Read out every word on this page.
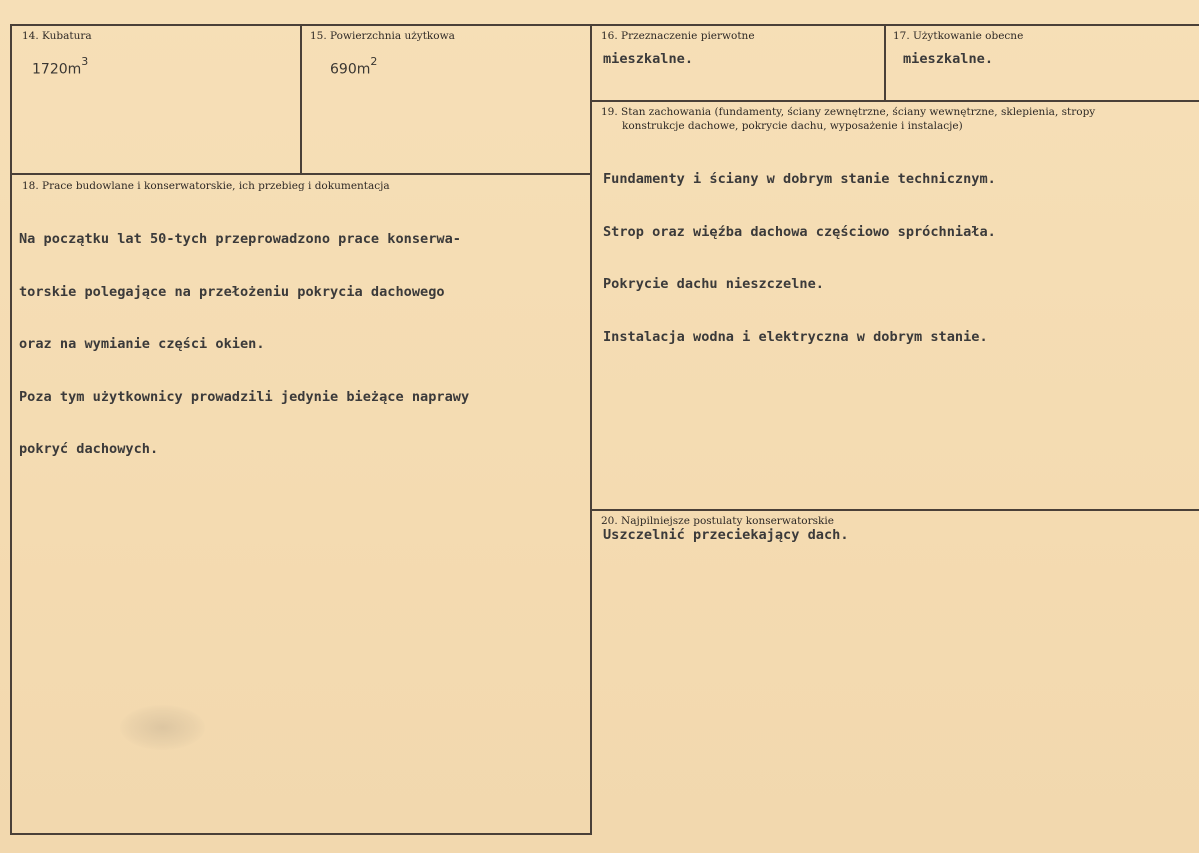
14. Kubatura
$1720m^3$
15. Powierzchnia użytkowa
$690m^2$
16. Przeznaczenie pierwotne
mieszkalne.
17. Użytkowanie obecne
mieszkalne.
18. Prace budowlane i konserwatorskie, ich przebieg i dokumentacja

Na początku lat 50-tych przeprowadzono prace konserwa-

torskie polegające na przełożeniu pokrycia dachowego

oraz na wymianie części okien.

Poza tym użytkownicy prowadzili jedynie bieżące naprawy

pokryć dachowych.

19. Stan zachowania (fundamenty, ściany zewnętrzne, ściany wewnętrzne, sklepienia, stropy
konstrukcje dachowe, pokrycie dachu, wyposażenie i instalacje)

Fundamenty i ściany w dobrym stanie technicznym.

Strop oraz więźba dachowa częściowo spróchniała.

Pokrycie dachu nieszczelne.

Instalacja wodna i elektryczna w dobrym stanie.

20. Najpilniejsze postulaty konserwatorskie
Uszczelnić przeciekający dach.
